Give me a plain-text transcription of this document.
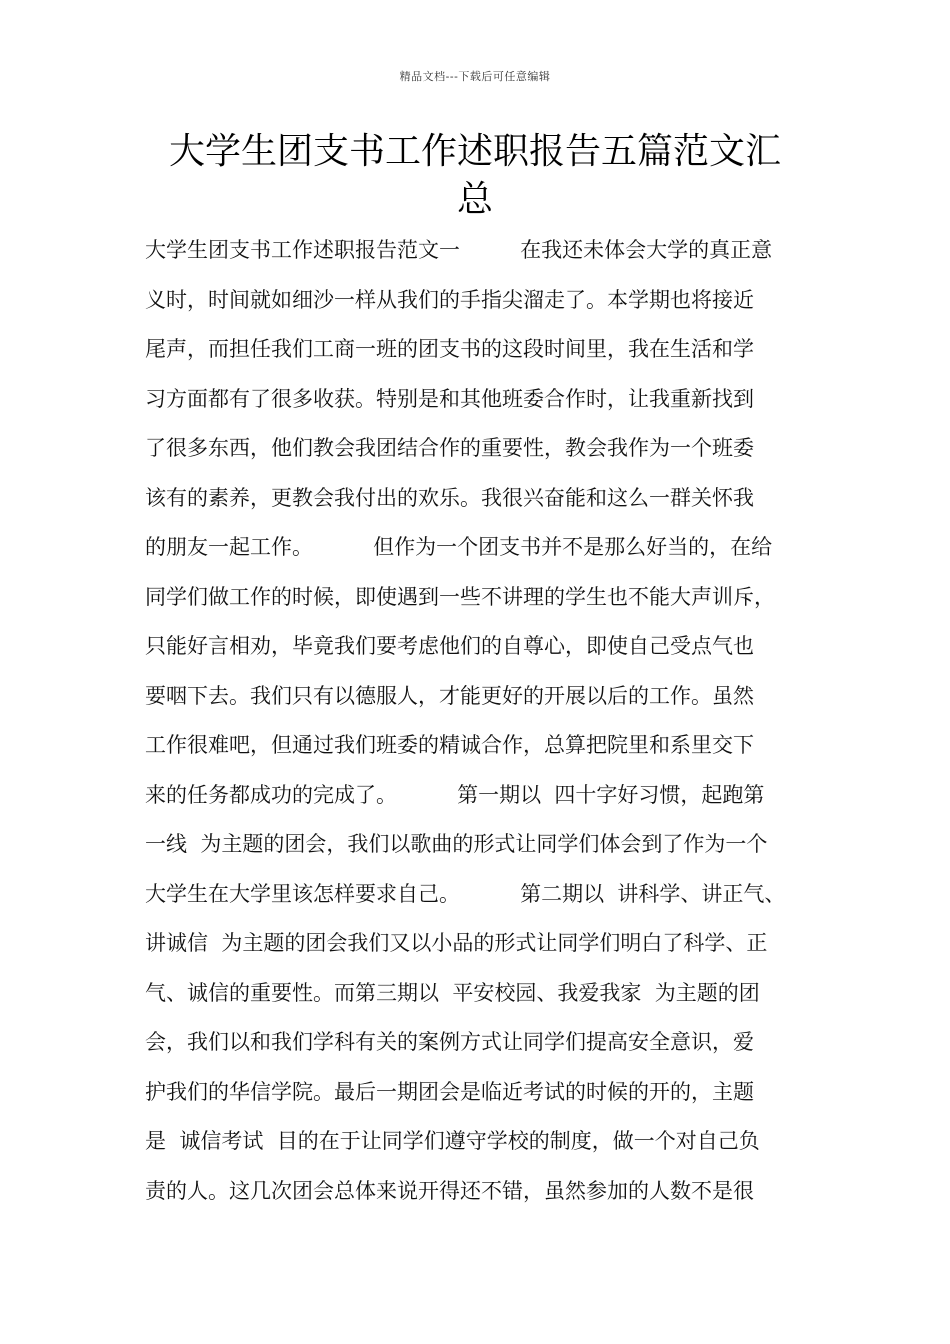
精品文档---下载后可任意编辑
大学生团支书工作述职报告五篇范文汇
总
大学生团支书工作述职报告范文一         在我还未体会大学的真正意
义时，时间就如细沙一样从我们的手指尖溜走了。本学期也将接近
尾声，而担任我们工商一班的团支书的这段时间里，我在生活和学
习方面都有了很多收获。特别是和其他班委合作时，让我重新找到
了很多东西，他们教会我团结合作的重要性，教会我作为一个班委
该有的素养，更教会我付出的欢乐。我很兴奋能和这么一群关怀我
的朋友一起工作。         但作为一个团支书并不是那么好当的，在给
同学们做工作的时候，即使遇到一些不讲理的学生也不能大声训斥，
只能好言相劝，毕竟我们要考虑他们的自尊心，即使自己受点气也
要咽下去。我们只有以德服人，才能更好的开展以后的工作。虽然
工作很难吧，但通过我们班委的精诚合作，总算把院里和系里交下
来的任务都成功的完成了。         第一期以  四十字好习惯，起跑第
一线  为主题的团会，我们以歌曲的形式让同学们体会到了作为一个
大学生在大学里该怎样要求自己。         第二期以  讲科学、讲正气、
讲诚信  为主题的团会我们又以小品的形式让同学们明白了科学、正
气、诚信的重要性。而第三期以  平安校园、我爱我家  为主题的团
会，我们以和我们学科有关的案例方式让同学们提高安全意识，爱
护我们的华信学院。最后一期团会是临近考试的时候的开的，主题
是  诚信考试  目的在于让同学们遵守学校的制度，做一个对自己负
责的人。这几次团会总体来说开得还不错，虽然参加的人数不是很
